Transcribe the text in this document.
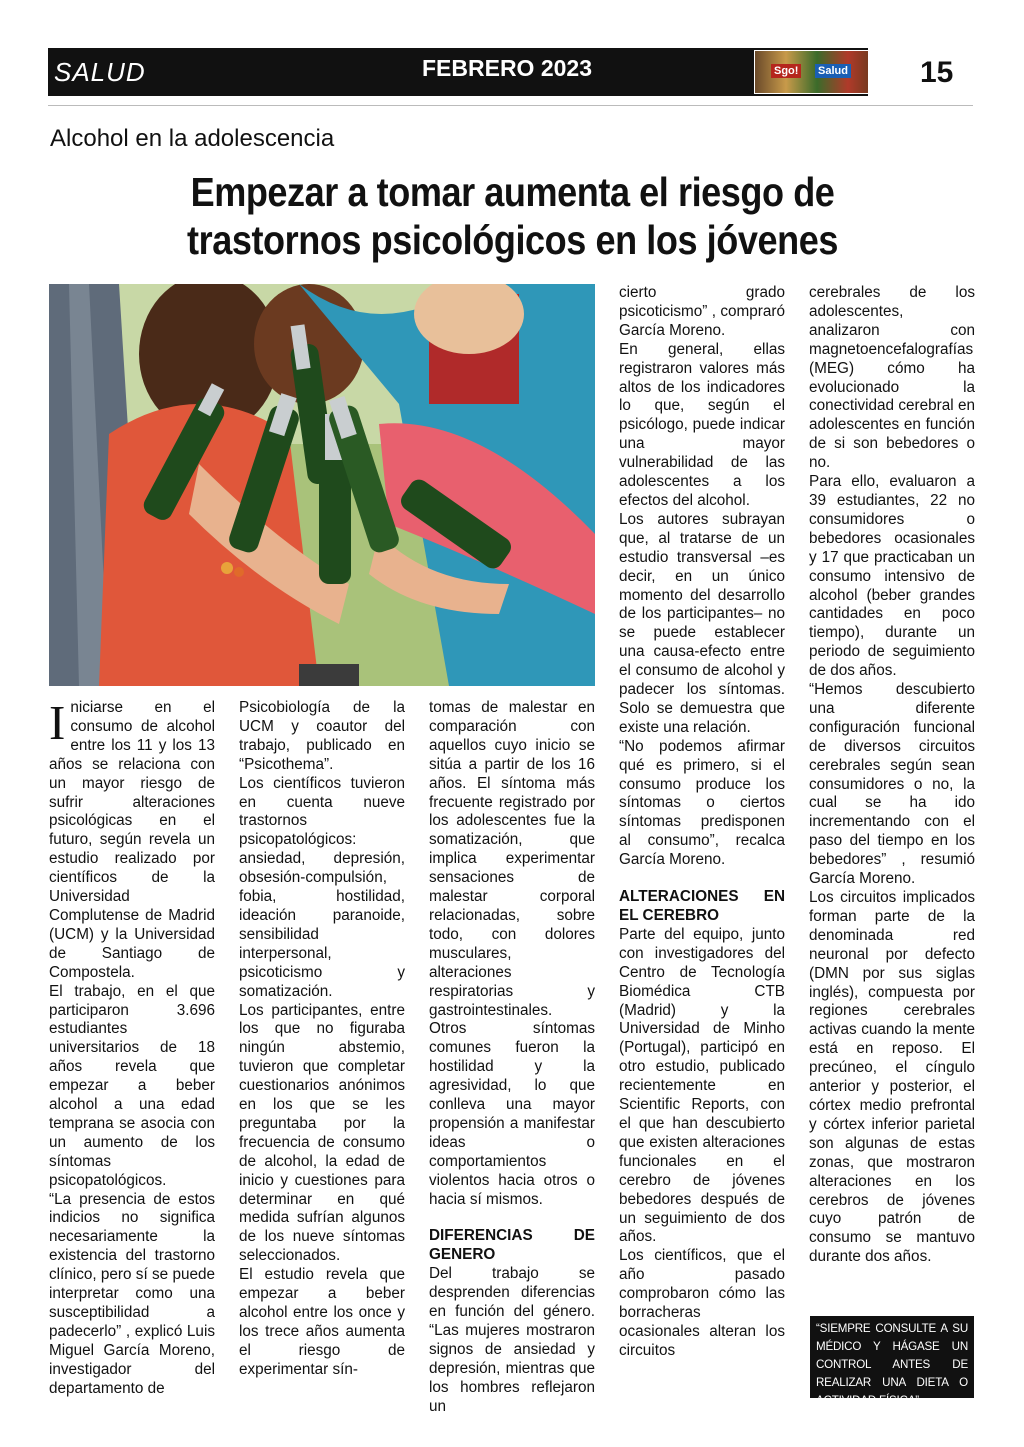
SALUD	FEBRERO 2023	Sgo! Salud 15
Alcohol en la adolescencia
Empezar a tomar aumenta el riesgo de
trastornos psicológicos en los jóvenes
I niciarse en el consumo de alcohol entre los 11 y los 13 años se relaciona con un mayor riesgo de sufrir alteraciones psicológicas en el futuro, según revela un estudio realizado por científicos de la Universidad Complutense de Madrid (UCM) y la Universidad de Santiago de Compostela.

El trabajo, en el que participaron 3.696 estudiantes universitarios de 18 años revela que empezar a beber alcohol a una edad temprana se asocia con un aumento de los síntomas psicopatológicos.

“La presencia de estos indicios no significa necesariamente la existencia del trastorno clínico, pero sí se puede interpretar como una susceptibilidad a padecerlo” , explicó Luis Miguel García Moreno, investigador del departamento de

Psicobiología de la UCM y coautor del trabajo, publicado en “Psicothema”.

Los científicos tuvieron en cuenta nueve trastornos psicopatológicos: ansiedad, depresión, obsesión-compulsión, fobia, hostilidad, ideación paranoide, sensibilidad interpersonal, psicoticismo y somatización.

Los participantes, entre los que no figuraba ningún abstemio, tuvieron que completar cuestionarios anónimos en los que se les preguntaba por la frecuencia de consumo de alcohol, la edad de inicio y cuestiones para determinar en qué medida sufrían algunos de los nueve síntomas seleccionados.

El estudio revela que empezar a beber alcohol entre los once y los trece años aumenta el riesgo de experimentar sín-

tomas de malestar en comparación con aquellos cuyo inicio se sitúa a partir de los 16 años. El síntoma más frecuente registrado por los adolescentes fue la somatización, que implica experimentar sensaciones de malestar corporal relacionadas, sobre todo, con dolores musculares, alteraciones respiratorias y gastrointestinales.

Otros síntomas comunes fueron la hostilidad y la agresividad, lo que conlleva una mayor propensión a manifestar ideas o comportamientos violentos hacia otros o hacia sí mismos.

DIFERENCIAS DE GENERO

Del trabajo se desprenden diferencias en función del género. “Las mujeres mostraron signos de ansiedad y depresión, mientras que los hombres reflejaron un

cierto grado psicoticismo” , compraró García Moreno.

En general, ellas registraron valores más altos de los indicadores lo que, según el psicólogo, puede indicar una mayor vulnerabilidad de las adolescentes a los efectos del alcohol.

Los autores subrayan que, al tratarse de un estudio transversal –es decir, en un único momento del desarrollo de los participantes– no se puede establecer una causa-efecto entre el consumo de alcohol y padecer los síntomas. Solo se demuestra que existe una relación.

“No podemos afirmar qué es primero, si el consumo produce los síntomas o ciertos síntomas predisponen al consumo”, recalca García Moreno.

ALTERACIONES EN EL CEREBRO

Parte del equipo, junto con investigadores del Centro de Tecnología Biomédica CTB (Madrid) y la Universidad de Minho (Portugal), participó en otro estudio, publicado recientemente en Scientific Reports, con el que han descubierto que existen alteraciones funcionales en el cerebro de jóvenes bebedores después de un seguimiento de dos años.

Los científicos, que el año pasado comprobaron cómo las borracheras ocasionales alteran los circuitos

cerebrales de los adolescentes, analizaron con magnetoencefalografías (MEG) cómo ha evolucionado la conectividad cerebral en adolescentes en función de si son bebedores o no.

Para ello, evaluaron a 39 estudiantes, 22 no consumidores o bebedores ocasionales y 17 que practicaban un consumo intensivo de alcohol (beber grandes cantidades en poco tiempo), durante un periodo de seguimiento de dos años.

“Hemos descubierto una diferente configuración funcional de diversos circuitos cerebrales según sean consumidores o no, la cual se ha ido incrementando con el paso del tiempo en los bebedores” , resumió García Moreno.

Los circuitos implicados forman parte de la denominada red neuronal por defecto (DMN por sus siglas inglés), compuesta por regiones cerebrales activas cuando la mente está en reposo. El precúneo, el cíngulo anterior y posterior, el córtex medio prefrontal y córtex inferior parietal son algunas de estas zonas, que mostraron alteraciones en los cerebros de jóvenes cuyo patrón de consumo se mantuvo durante dos años.

“SIEMPRE CONSULTE A SU MÉDICO Y HÁGASE UN CONTROL ANTES DE REALIZAR UNA DIETA O ACTIVIDAD FÍSICA”
